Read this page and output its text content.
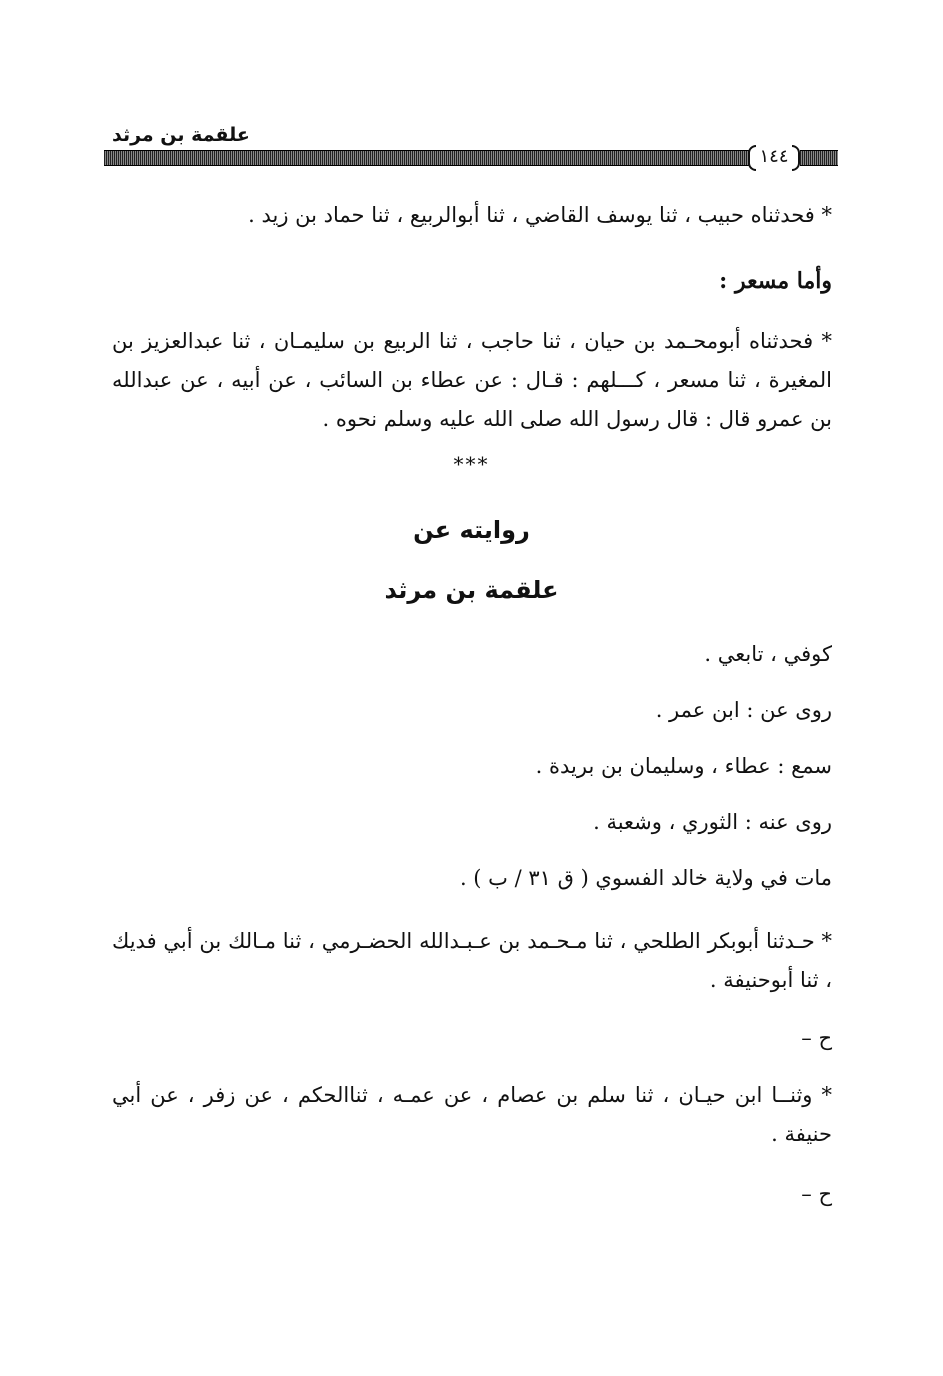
علقمة بن مرثد
١٤٤
* فحدثناه حبيب ، ثنا يوسف القاضي ، ثنا أبوالربيع ، ثنا حماد بن زيد .
وأما مسعر :
* فحدثناه أبومحـمد بن حيان ، ثنا حاجب ، ثنا الربيع بن سليمـان ، ثنا عبدالعزيز بن المغيرة ، ثنا مسعر ، كـــلهم : قـال : عن عطاء بن السائب ، عن أبيه ، عن عبدالله بن عمرو قال : قال رسول الله صلى الله عليه وسلم نحوه .
***
روايته عن
علقمة بن مرثد
كوفي ، تابعي .
روى عن : ابن عمر .
سمع : عطاء ، وسليمان بن بريدة .
روى عنه : الثوري ، وشعبة .
مات في ولاية خالد الفسوي ( ق ٣١ / ب ) .
* حـدثنا أبوبكر الطلحي ، ثنا مـحـمد بن عـبـدالله الحضـرمي ، ثنا مـالك بن أبي فديك ، ثنا أبوحنيفة .
ح –
* وثنــا ابن حيـان ، ثنا سلم بن عصام ، عن عمـه ، ثناالحكم ، عن زفر ، عن أبي حنيفة .
ح –
